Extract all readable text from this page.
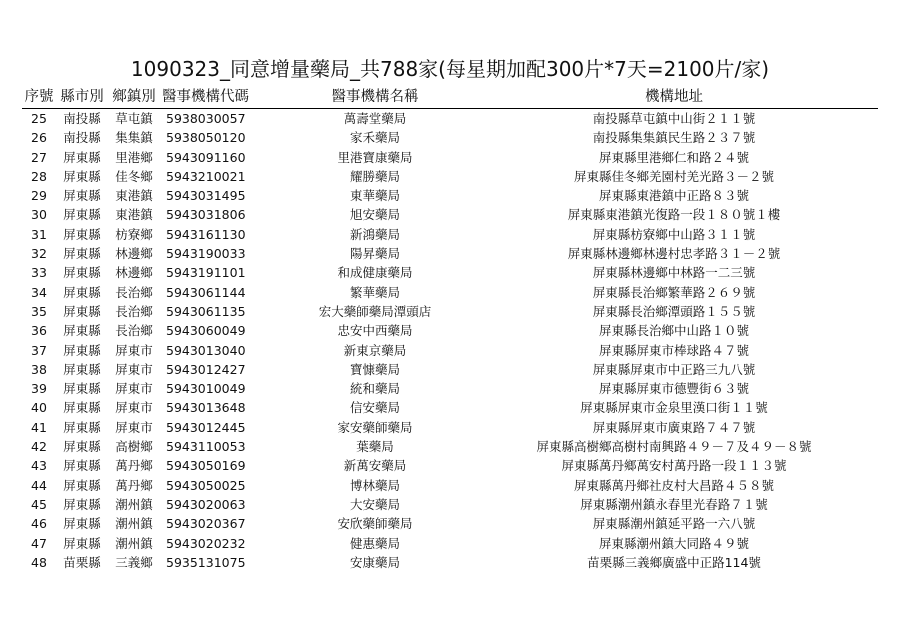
1090323_同意增量藥局_共788家(每星期加配300片*7天=2100片/家)
序號	縣市別	鄉鎮別	醫事機構代碼	醫事機構名稱	機構地址
25	南投縣	草屯鎮	5938030057	萬壽堂藥局	南投縣草屯鎮中山街２１１號
26	南投縣	集集鎮	5938050120	家禾藥局	南投縣集集鎮民生路２３７號
27	屏東縣	里港鄉	5943091160	里港寶康藥局	屏東縣里港鄉仁和路２４號
28	屏東縣	佳冬鄉	5943210021	耀勝藥局	屏東縣佳冬鄉羌園村羌光路３－２號
29	屏東縣	東港鎮	5943031495	東華藥局	屏東縣東港鎮中正路８３號
30	屏東縣	東港鎮	5943031806	旭安藥局	屏東縣東港鎮光復路一段１８０號１樓
31	屏東縣	枋寮鄉	5943161130	新鴻藥局	屏東縣枋寮鄉中山路３１１號
32	屏東縣	林邊鄉	5943190033	陽昇藥局	屏東縣林邊鄉林邊村忠孝路３１－２號
33	屏東縣	林邊鄉	5943191101	和成健康藥局	屏東縣林邊鄉中林路一二三號
34	屏東縣	長治鄉	5943061144	繁華藥局	屏東縣長治鄉繁華路２６９號
35	屏東縣	長治鄉	5943061135	宏大藥師藥局潭頭店	屏東縣長治鄉潭頭路１５５號
36	屏東縣	長治鄉	5943060049	忠安中西藥局	屏東縣長治鄉中山路１０號
37	屏東縣	屏東市	5943013040	新東京藥局	屏東縣屏東市棒球路４７號
38	屏東縣	屏東市	5943012427	寶慷藥局	屏東縣屏東市中正路三九八號
39	屏東縣	屏東市	5943010049	統和藥局	屏東縣屏東市德豐街６３號
40	屏東縣	屏東市	5943013648	信安藥局	屏東縣屏東市金泉里漢口街１１號
41	屏東縣	屏東市	5943012445	家安藥師藥局	屏東縣屏東市廣東路７４７號
42	屏東縣	高樹鄉	5943110053	葉藥局	屏東縣高樹鄉高樹村南興路４９－７及４９－８號
43	屏東縣	萬丹鄉	5943050169	新萬安藥局	屏東縣萬丹鄉萬安村萬丹路一段１１３號
44	屏東縣	萬丹鄉	5943050025	博林藥局	屏東縣萬丹鄉社皮村大昌路４５８號
45	屏東縣	潮州鎮	5943020063	大安藥局	屏東縣潮州鎮永春里光春路７１號
46	屏東縣	潮州鎮	5943020367	安欣藥師藥局	屏東縣潮州鎮延平路一六八號
47	屏東縣	潮州鎮	5943020232	健惠藥局	屏東縣潮州鎮大同路４９號
48	苗栗縣	三義鄉	5935131075	安康藥局	苗栗縣三義鄉廣盛中正路114號
